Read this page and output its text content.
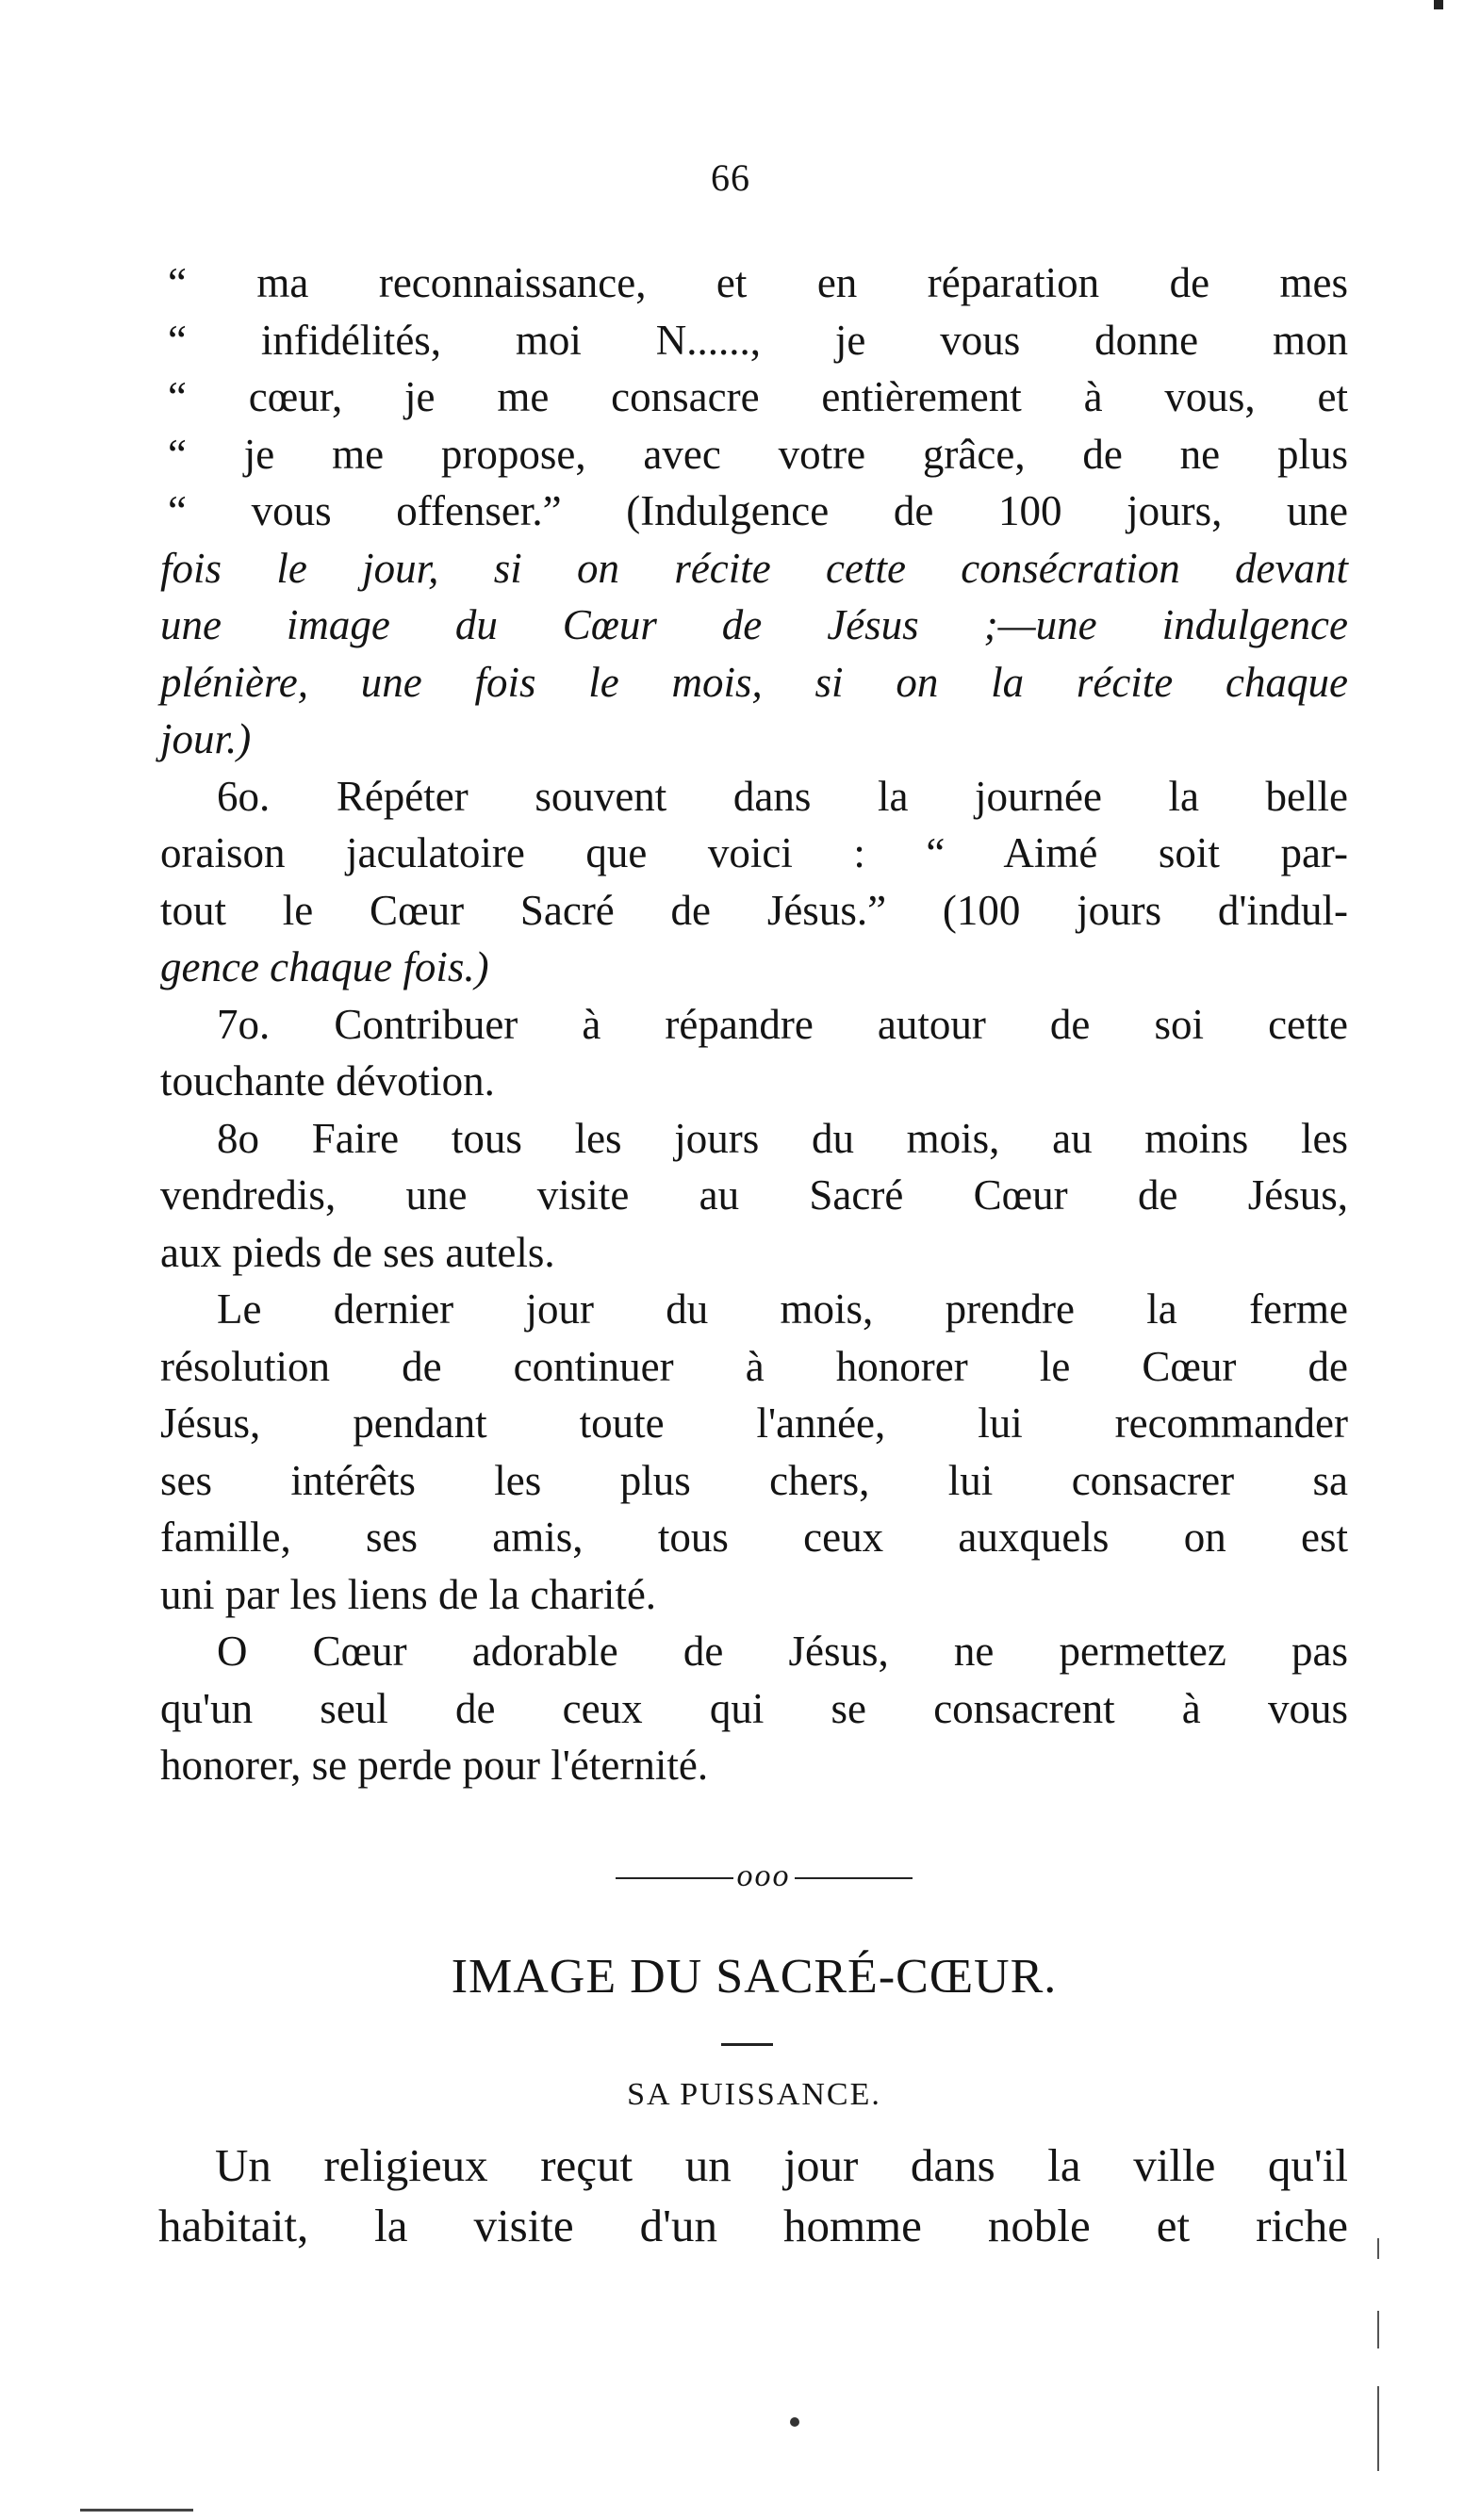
66
“ ma reconnaissance, et en réparation de mes
“ infidélités, moi N......, je vous donne mon
“ cœur, je me consacre entièrement à vous, et
“ je me propose, avec votre grâce, de ne plus
“ vous offenser.” (Indulgence de 100 jours, une
fois le jour, si on récite cette consécration devant
une image du Cœur de Jésus ;—une indulgence
plénière, une fois le mois, si on la récite chaque
jour.)
6o. Répéter souvent dans la journée la belle
oraison jaculatoire que voici : “ Aimé soit par-
tout le Cœur Sacré de Jésus.” (100 jours d'indul-
gence chaque fois.)
7o. Contribuer à répandre autour de soi cette
touchante dévotion.
8o Faire tous les jours du mois, au moins les
vendredis, une visite au Sacré Cœur de Jésus,
aux pieds de ses autels.
Le dernier jour du mois, prendre la ferme
résolution de continuer à honorer le Cœur de
Jésus, pendant toute l'année, lui recommander
ses intérêts les plus chers, lui consacrer sa
famille, ses amis, tous ceux auxquels on est
uni par les liens de la charité.
O Cœur adorable de Jésus, ne permettez pas
qu'un seul de ceux qui se consacrent à vous
honorer, se perde pour l'éternité.
ooo
IMAGE DU SACRÉ-CŒUR.
SA PUISSANCE.
Un religieux reçut un jour dans la ville qu'il
habitait, la visite d'un homme noble et riche
